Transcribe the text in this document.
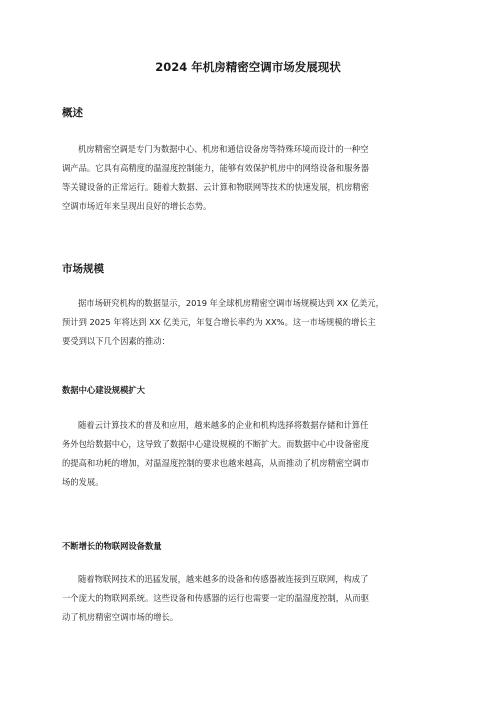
2024 年机房精密空调市场发展现状
概述
机房精密空调是专门为数据中心、机房和通信设备房等特殊环境而设计的一种空
调产品。它具有高精度的温湿度控制能力，能够有效保护机房中的网络设备和服务器
等关键设备的正常运行。随着大数据、云计算和物联网等技术的快速发展，机房精密
空调市场近年来呈现出良好的增长态势。
市场规模
据市场研究机构的数据显示，2019 年全球机房精密空调市场规模达到 XX 亿美元，
预计到 2025 年将达到 XX 亿美元，年复合增长率约为 XX%。这一市场规模的增长主
要受到以下几个因素的推动：
数据中心建设规模扩大
随着云计算技术的普及和应用，越来越多的企业和机构选择将数据存储和计算任
务外包给数据中心，这导致了数据中心建设规模的不断扩大。而数据中心中设备密度
的提高和功耗的增加，对温湿度控制的要求也越来越高，从而推动了机房精密空调市
场的发展。
不断增长的物联网设备数量
随着物联网技术的迅猛发展，越来越多的设备和传感器被连接到互联网，构成了
一个庞大的物联网系统。这些设备和传感器的运行也需要一定的温湿度控制，从而驱
动了机房精密空调市场的增长。
